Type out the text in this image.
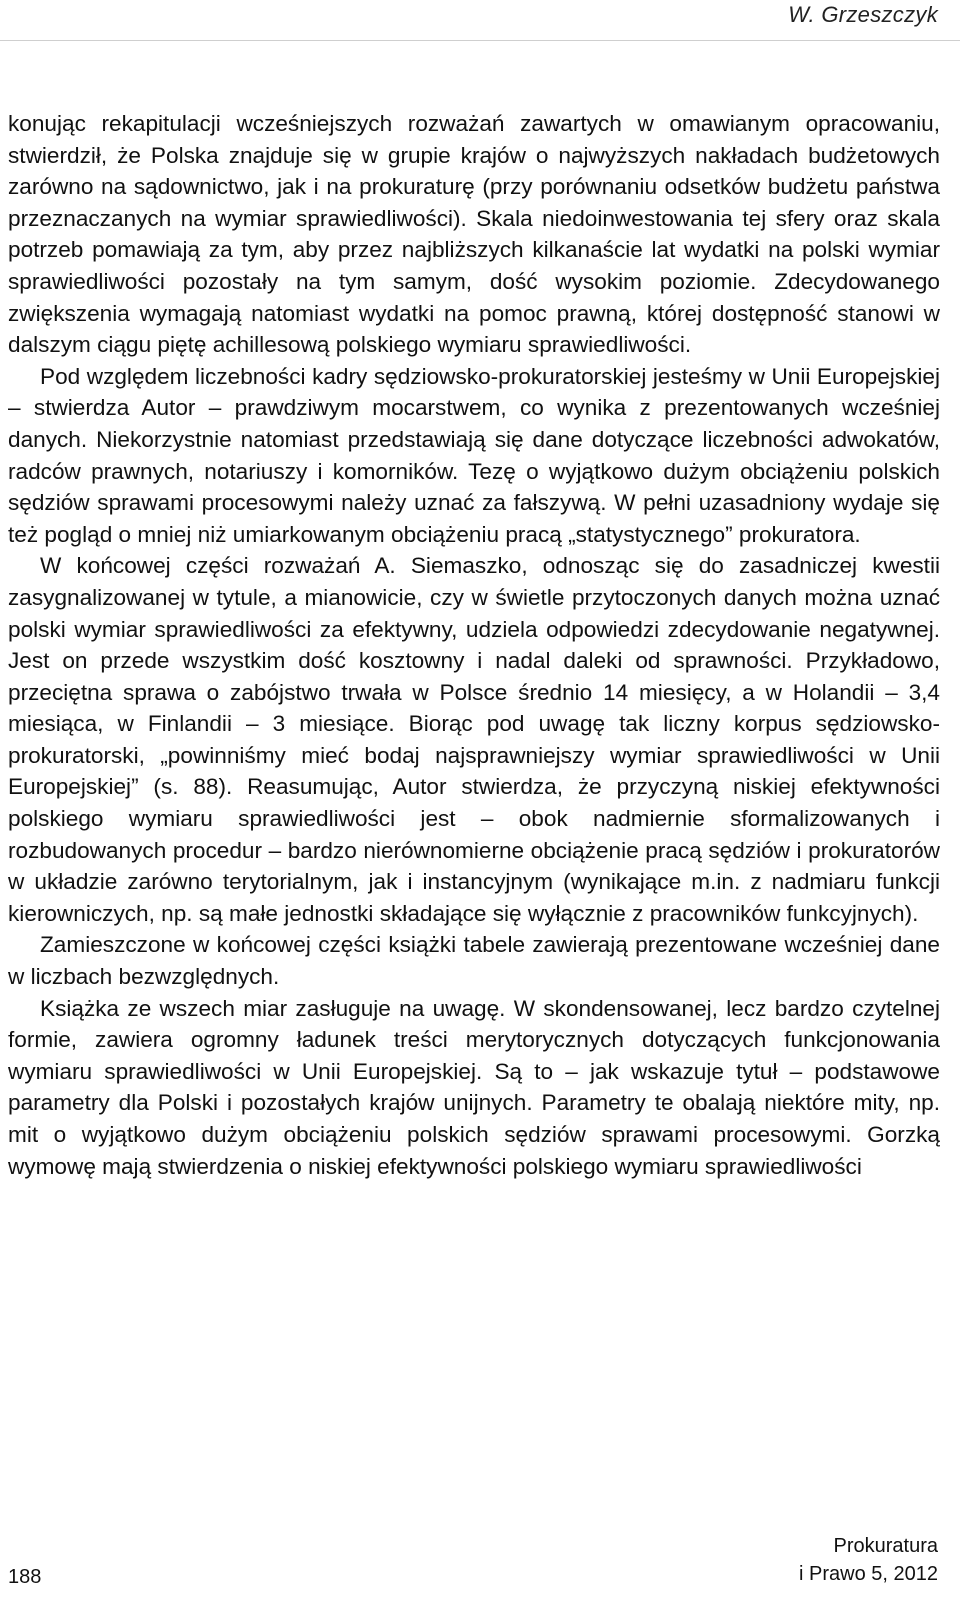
W. Grzeszczyk

konując rekapitulacji wcześniejszych rozważań zawartych w omawianym opracowaniu, stwierdził, że Polska znajduje się w grupie krajów o najwyższych nakładach budżetowych zarówno na sądownictwo, jak i na prokuraturę (przy porównaniu odsetków budżetu państwa przeznaczanych na wymiar sprawiedliwości). Skala niedoinwestowania tej sfery oraz skala potrzeb pomawiają za tym, aby przez najbliższych kilkanaście lat wydatki na polski wymiar sprawiedliwości pozostały na tym samym, dość wysokim poziomie. Zdecydowanego zwiększenia wymagają natomiast wydatki na pomoc prawną, której dostępność stanowi w dalszym ciągu piętę achillesową polskiego wymiaru sprawiedliwości.

Pod względem liczebności kadry sędziowsko-prokuratorskiej jesteśmy w Unii Europejskiej – stwierdza Autor – prawdziwym mocarstwem, co wynika z prezentowanych wcześniej danych. Niekorzystnie natomiast przedstawiają się dane dotyczące liczebności adwokatów, radców prawnych, notariuszy i komorników. Tezę o wyjątkowo dużym obciążeniu polskich sędziów sprawami procesowymi należy uznać za fałszywą. W pełni uzasadniony wydaje się też pogląd o mniej niż umiarkowanym obciążeniu pracą „statystycznego” prokuratora.

W końcowej części rozważań A. Siemaszko, odnosząc się do zasadniczej kwestii zasygnalizowanej w tytule, a mianowicie, czy w świetle przytoczonych danych można uznać polski wymiar sprawiedliwości za efektywny, udziela odpowiedzi zdecydowanie negatywnej. Jest on przede wszystkim dość kosztowny i nadal daleki od sprawności. Przykładowo, przeciętna sprawa o zabójstwo trwała w Polsce średnio 14 miesięcy, a w Holandii – 3,4 miesiąca, w Finlandii – 3 miesiące. Biorąc pod uwagę tak liczny korpus sędziowsko-prokuratorski, „powinniśmy mieć bodaj najsprawniejszy wymiar sprawiedliwości w Unii Europejskiej” (s. 88). Reasumując, Autor stwierdza, że przyczyną niskiej efektywności polskiego wymiaru sprawiedliwości jest – obok nadmiernie sformalizowanych i rozbudowanych procedur – bardzo nierównomierne obciążenie pracą sędziów i prokuratorów w układzie zarówno terytorialnym, jak i instancyjnym (wynikające m.in. z nadmiaru funkcji kierowniczych, np. są małe jednostki składające się wyłącznie z pracowników funkcyjnych).

Zamieszczone w końcowej części książki tabele zawierają prezentowane wcześniej dane w liczbach bezwzględnych.

Książka ze wszech miar zasługuje na uwagę. W skondensowanej, lecz bardzo czytelnej formie, zawiera ogromny ładunek treści merytorycznych dotyczących funkcjonowania wymiaru sprawiedliwości w Unii Europejskiej. Są to – jak wskazuje tytuł – podstawowe parametry dla Polski i pozostałych krajów unijnych. Parametry te obalają niektóre mity, np. mit o wyjątkowo dużym obciążeniu polskich sędziów sprawami procesowymi. Gorzką wymowę mają stwierdzenia o niskiej efektywności polskiego wymiaru sprawiedliwości

188
Prokuratura
i Prawo 5, 2012
